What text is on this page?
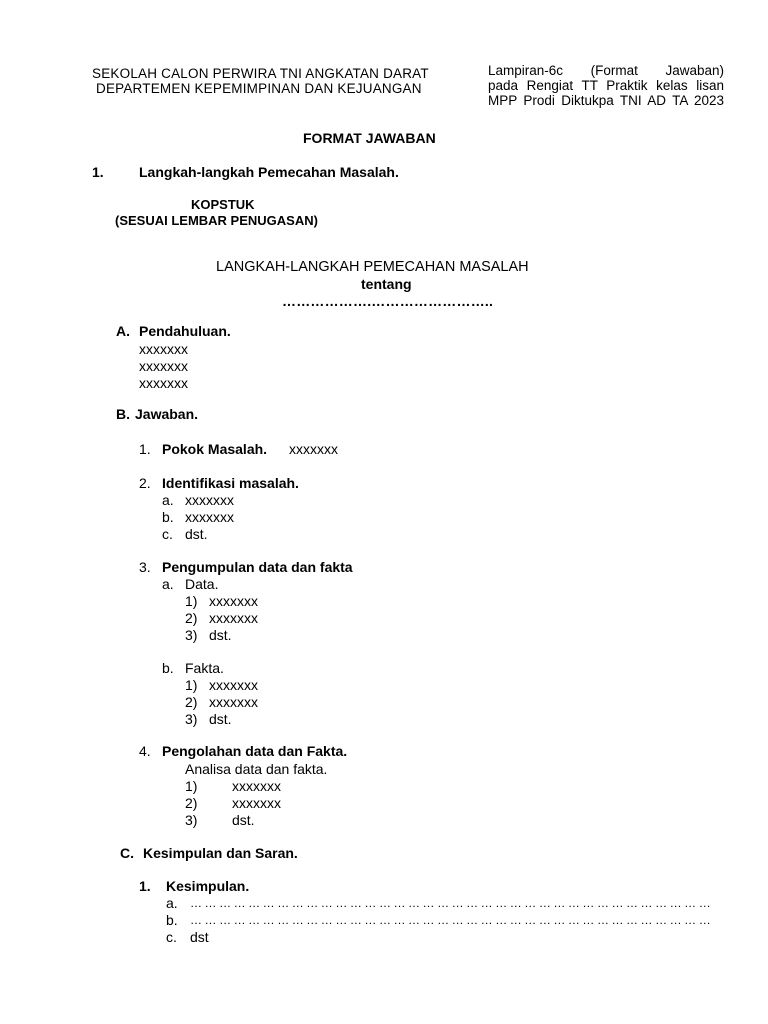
SEKOLAH CALON PERWIRA TNI ANGKATAN DARAT
DEPARTEMEN KEPEMIMPINAN DAN KEJUANGAN
Lampiran-6c (Format Jawaban)
pada Rengiat TT Praktik kelas lisan
MPP Prodi Diktukpa TNI AD TA 2023
FORMAT JAWABAN
1.	Langkah-langkah Pemecahan Masalah.
KOPSTUK
(SESUAI LEMBAR PENUGASAN)
LANGKAH-LANGKAH PEMECAHAN MASALAH
tentang
……………….……………………..
A. Pendahuluan.
xxxxxxx
xxxxxxx
xxxxxxx
B. Jawaban.
1. Pokok Masalah. xxxxxxx
2. Identifikasi masalah.
a. xxxxxxx
b. xxxxxxx
c. dst.
3. Pengumpulan data dan fakta
a. Data.
1) xxxxxxx
2) xxxxxxx
3) dst.
b. Fakta.
1) xxxxxxx
2) xxxxxxx
3) dst.
4. Pengolahan data dan Fakta.
Analisa data dan fakta.
1) xxxxxxx
2) xxxxxxx
3) dst.
C. Kesimpulan dan Saran.
1. Kesimpulan.
a. … … … … … … … … … … … … … … … … … … … … … … … … … … … … … … … … … … … …
b. … … … … … … … … … … … … … … … … … … … … … … … … … … … … … … … … … … … …
c. dst
